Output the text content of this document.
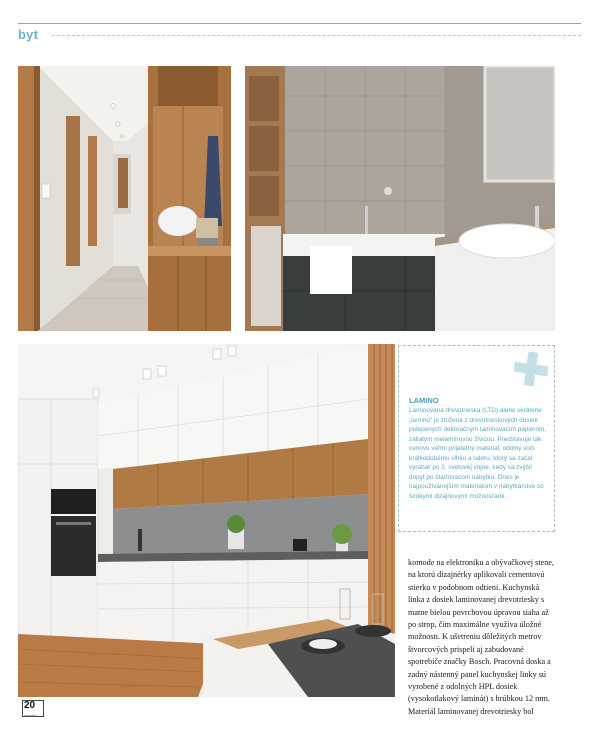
byt
LAMINO
Laminovaná drevotrieska (LTD) alebo skrátene „lamino" je zložená z drevotrieskových dosiek polepených dekoračným laminovacím papierom, zaliatym melamínovou živicou. Predstavuje tak cenovo veľmi prijateľný materiál, odolný voči krátkodobému vlhku a oderu, ktorý sa začal vyrábať po 2. svetovej vojne, kedy sa zvýšil dopyt po štartovacom nábytku. Dnes je najpoužívanejším materiálom v nábytkárstve so širokými dizajnovými možnosťami.
komode na elektroniku a obývačkovej stene, na ktorú dizajnérky aplikovali cementovú stierku v podobnom odtieni. Kuchynská linka z dosiek laminovanej drevotriesky s matne bielou povrchovou úpravou siaha až po strop, čím maximálne využíva úložné možnosti. K ušetreniu dôležitých metrov štvorcových prispeli aj zabudované spotrebiče značky Bosch. Pracovná doska a zadný nástenný panel kuchynskej linky sú vyrobené z odolných HPL dosiek (vysokotlakový laminát) s hrúbkou 12 mm. Materiál laminovanej drevotriesky bol
20
interiér
